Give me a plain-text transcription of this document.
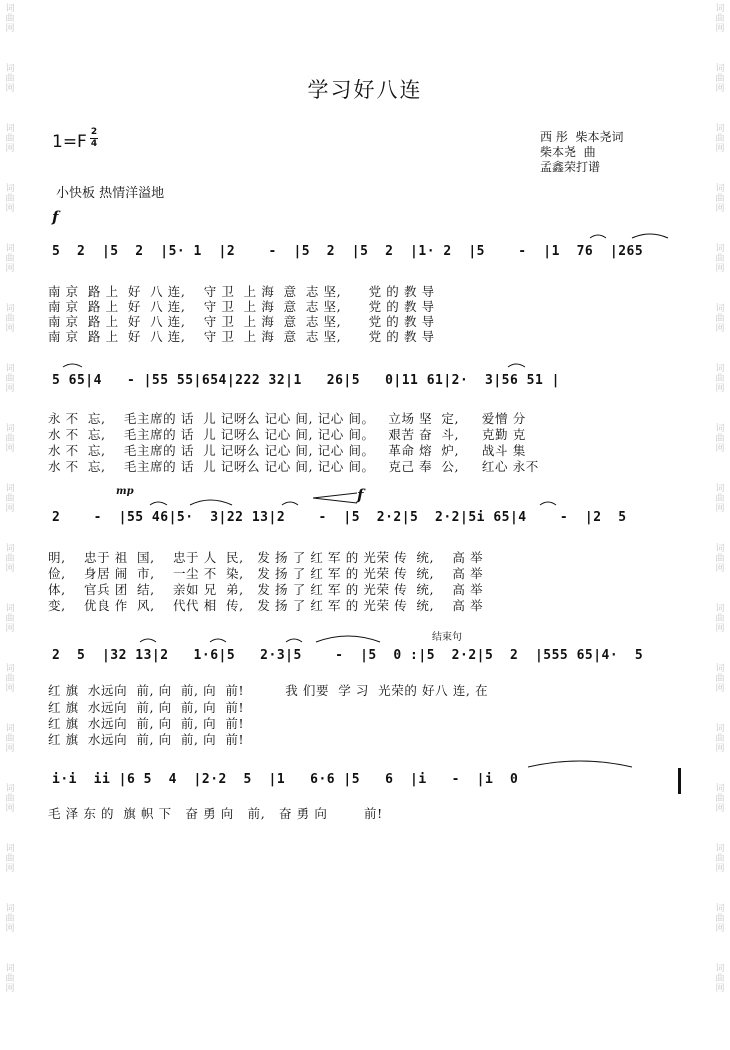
词
曲
网
词
曲
网
词
曲
网
词
曲
网
词
曲
网
词
曲
网
词
曲
网
词
曲
网
词
曲
网
词
曲
网
词
曲
网
词
曲
网
词
曲
网
词
曲
网
词
曲
网
词
曲
网
词
曲
网
词
曲
网
词
曲
网
词
曲
网
词
曲
网
词
曲
网
词
曲
网
词
曲
网
词
曲
网
词
曲
网
词
曲
网
词
曲
网
词
曲
网
词
曲
网
词
曲
网
词
曲
网
词
曲
网
词
曲
网
学习好八连
1=F 2
4	西 彤  柴本尧词
柴本尧  曲
孟鑫荣打谱
小快板 热情洋溢地
f
mp	f
结束句
5  2  |5  2  |5· 1  |2    -  |5  2  |5  2  |1· 2  |5    -  |1  76  |265
南 京  路 上  好  八 连,    守 卫  上 海  意  志 坚,      党 的 教 导
南 京  路 上  好  八 连,    守 卫  上 海  意  志 坚,      党 的 教 导
南 京  路 上  好  八 连,    守 卫  上 海  意  志 坚,      党 的 教 导
南 京  路 上  好  八 连,    守 卫  上 海  意  志 坚,      党 的 教 导
5 65|4   - |55 55|654|222 32|1   26|5   0|11 61|2·  3|56 51 |
永 不  忘,    毛主席的 话  儿 记呀么 记心 间, 记心 间。   立场 坚  定,     爱憎 分
水 不  忘,    毛主席的 话  儿 记呀么 记心 间, 记心 间。   艰苦 奋  斗,     克勤 克
水 不  忘,    毛主席的 话  儿 记呀么 记心 间, 记心 间。   革命 熔  炉,     战斗 集
水 不  忘,    毛主席的 话  儿 记呀么 记心 间, 记心 间。   克己 奉  公,     红心 永不
2    -  |55 46|5·  3|22 13|2    -  |5  2·2|5  2·2|5i 65|4    -  |2  5
明,    忠于 祖  国,    忠于 人  民,   发 扬 了 红 军 的 光荣 传  统,    高 举
俭,    身居 闹  市,    一尘 不  染,   发 扬 了 红 军 的 光荣 传  统,    高 举
体,    官兵 团  结,    亲如 兄  弟,   发 扬 了 红 军 的 光荣 传  统,    高 举
变,    优良 作  风,    代代 相  传,   发 扬 了 红 军 的 光荣 传  统,    高 举
2  5  |32 13|2   1·6|5   2·3|5    -  |5  0 :|5  2·2|5  2  |555 65|4·  5
红 旗  水远向  前, 向  前, 向  前!         我 们要  学 习  光荣的 好八 连, 在
红 旗  水远向  前, 向  前, 向  前!
红 旗  水远向  前, 向  前, 向  前!
红 旗  水远向  前, 向  前, 向  前!
i·i  ii |6 5  4  |2·2  5  |1   6·6 |5   6  |i   -  |i  0
毛 泽 东 的  旗 帜 下   奋 勇 向   前,   奋 勇 向        前!
